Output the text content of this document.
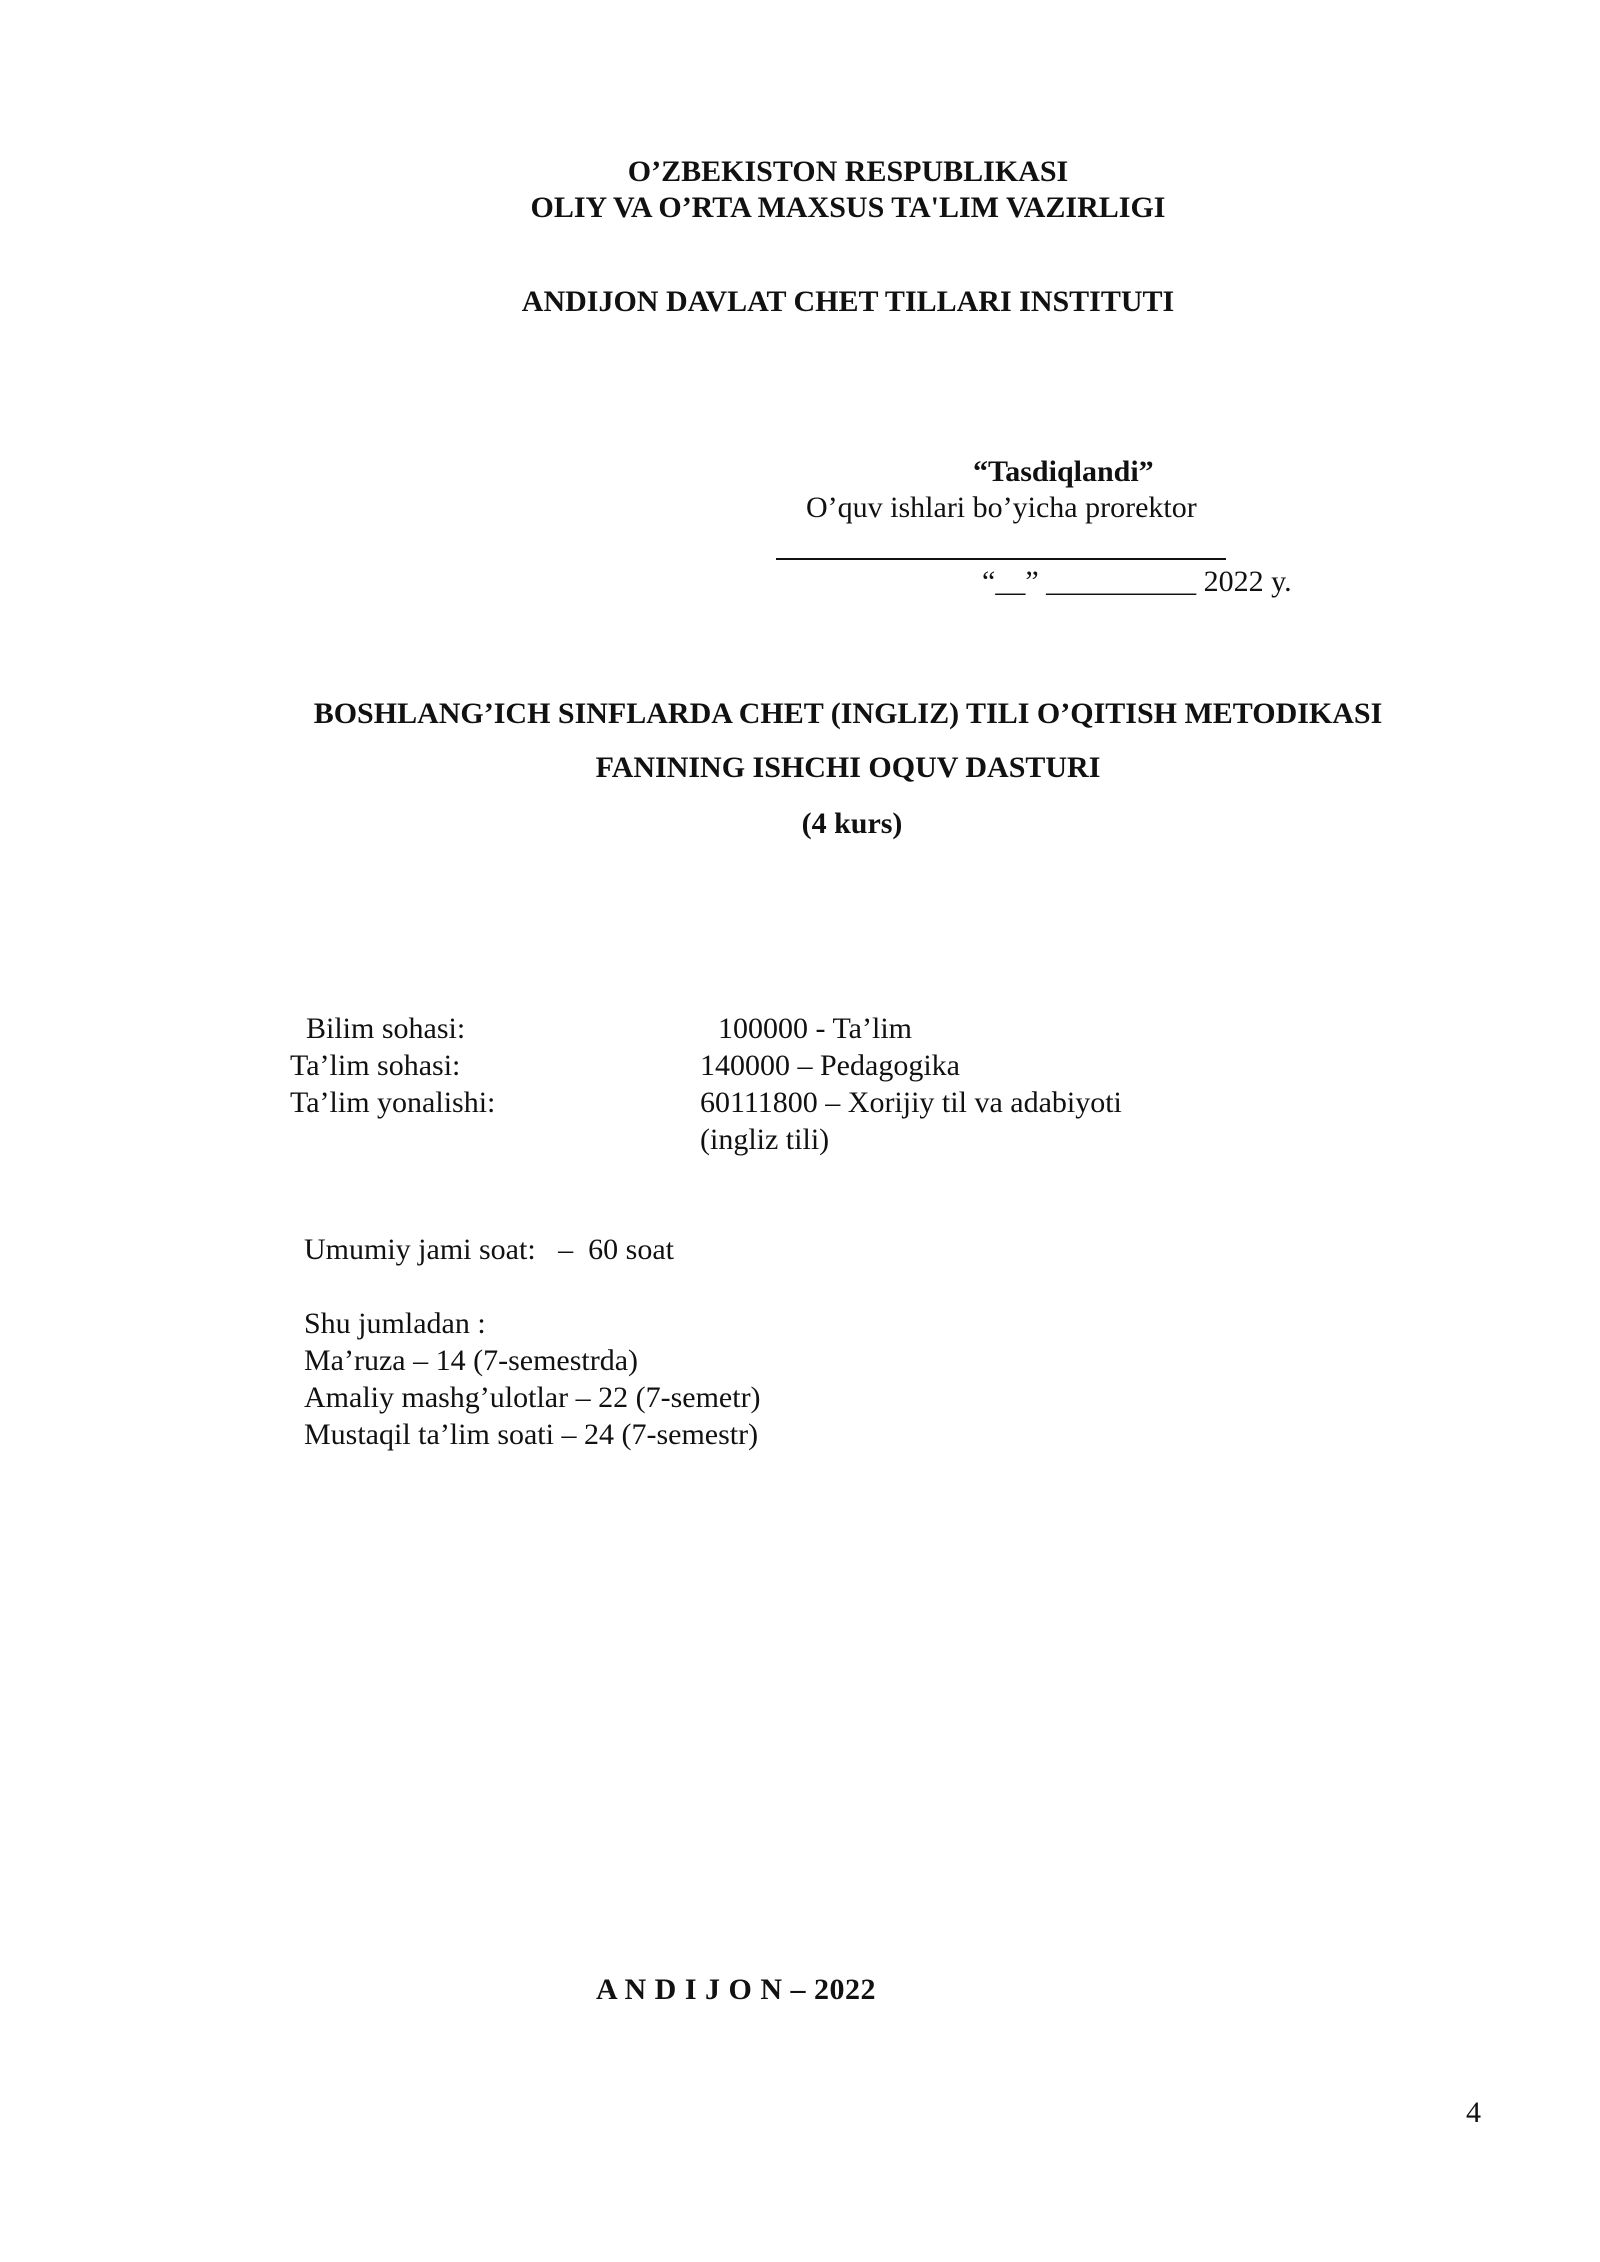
O’ZBEKISTON RESPUBLIKASI
OLIY VA O’RTA MAXSUS TA'LIM VAZIRLIGI
ANDIJON DAVLAT CHET TILLARI INSTITUTI
“Tasdiqlandi”
O’quv ishlari bo’yicha prorektor
“__” __________ 2022 y.
BOSHLANG’ICH SINFLARDA CHET (INGLIZ) TILI O’QITISH METODIKASI
FANINING ISHCHI OQUV DASTURI
(4 kurs)
Bilim sohasi:
Ta’lim sohasi:
Ta’lim yonalishi:
100000 - Ta’lim
140000 – Pedagogika
60111800 – Xorijiy til va adabiyoti
(ingliz tili)
Umumiy jami soat:   –  60 soat
Shu jumladan :
Ma’ruza – 14 (7-semestrda)
Amaliy mashg’ulotlar – 22 (7-semetr)
Mustaqil ta’lim soati – 24 (7-semestr)
A N D I J O N – 2022
4
